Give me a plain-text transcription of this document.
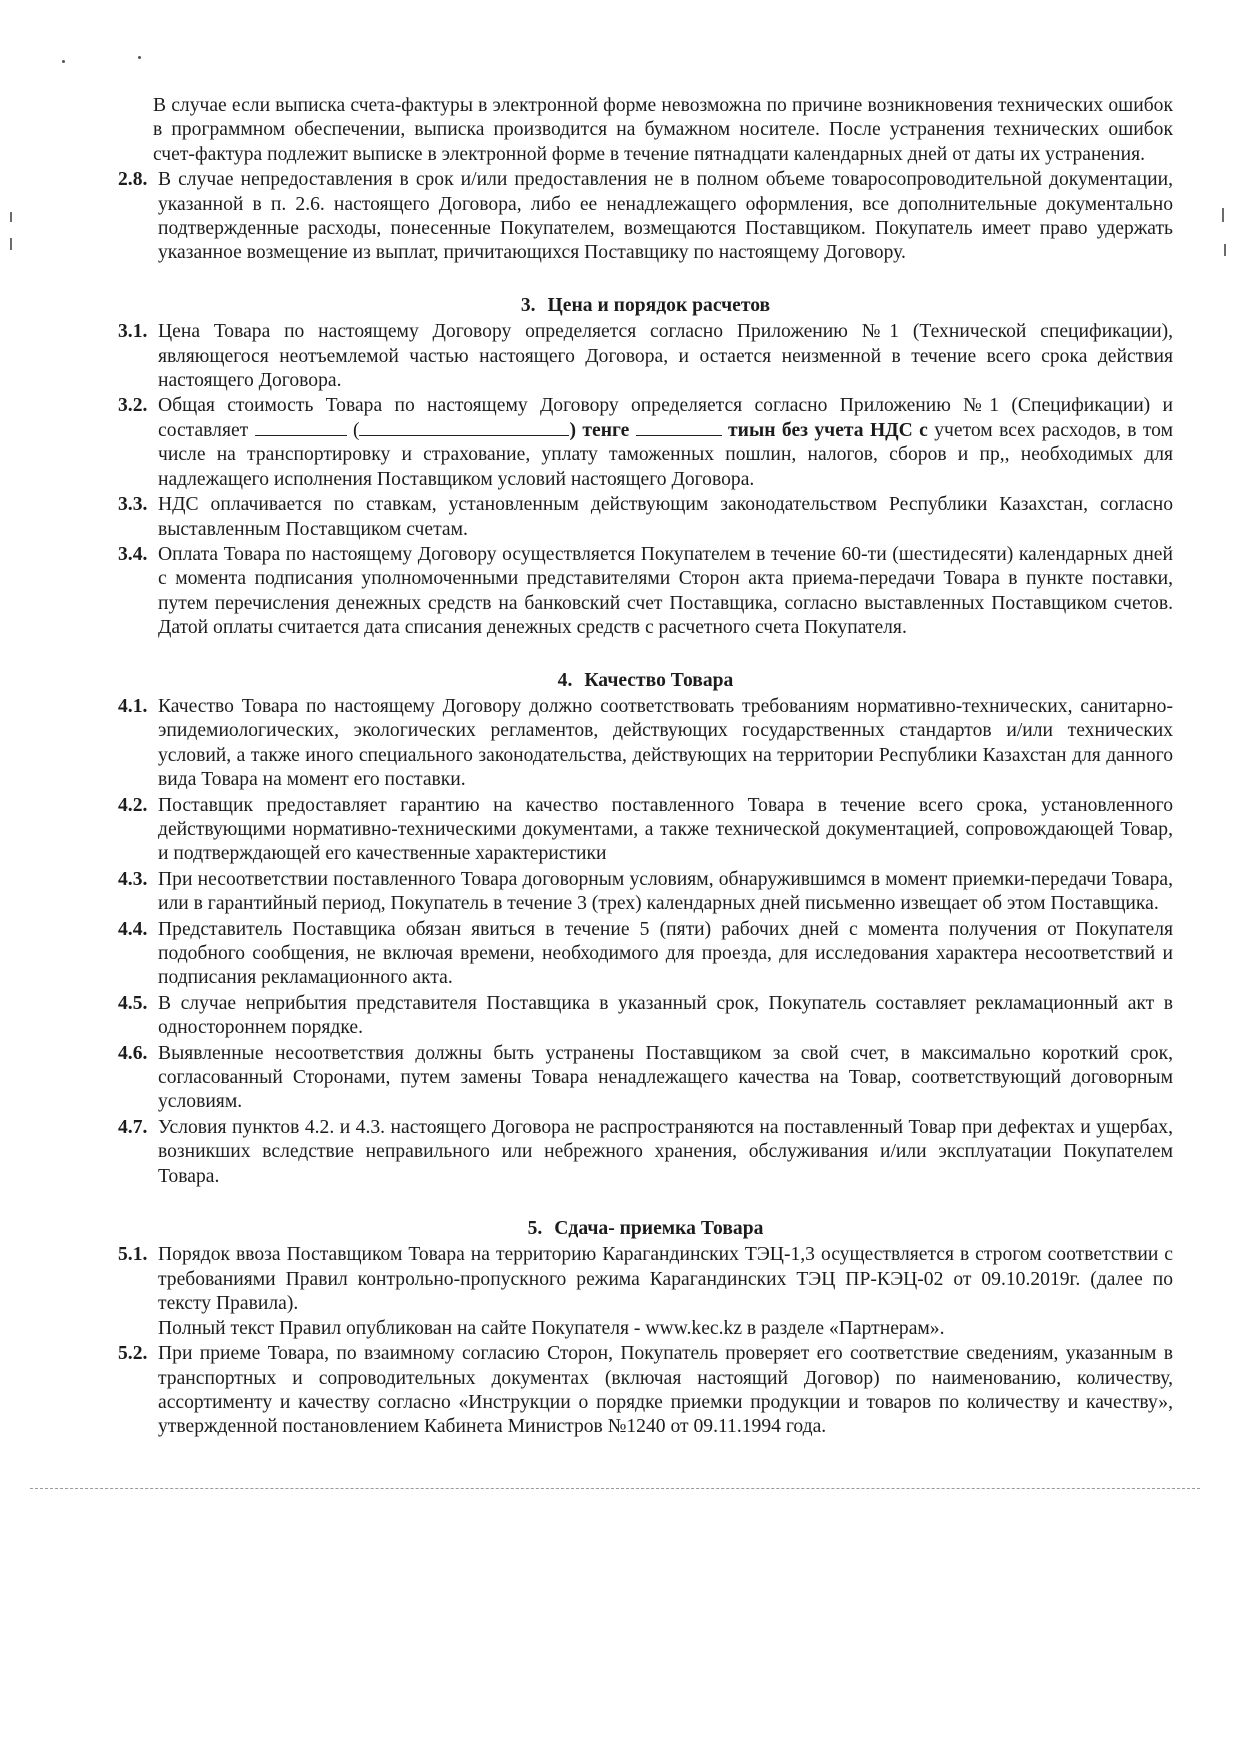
В случае если выписка счета-фактуры в электронной форме невозможна по причине возникновения технических ошибок в программном обеспечении, выписка производится на бумажном носителе. После устранения технических ошибок счет-фактура подлежит выписке в электронной форме в течение пятнадцати календарных дней от даты их устранения.
2.8. В случае непредоставления в срок и/или предоставления не в полном объеме товаросопроводительной документации, указанной в п. 2.6. настоящего Договора, либо ее ненадлежащего оформления, все дополнительные документально подтвержденные расходы, понесенные Покупателем, возмещаются Поставщиком. Покупатель имеет право удержать указанное возмещение из выплат, причитающихся Поставщику по настоящему Договору.
3. Цена и порядок расчетов
3.1. Цена Товара по настоящему Договору определяется согласно Приложению №1 (Технической спецификации), являющегося неотъемлемой частью настоящего Договора, и остается неизменной в течение всего срока действия настоящего Договора.
3.2. Общая стоимость Товара по настоящему Договору определяется согласно Приложению №1 (Спецификации) и составляет	(	) тенге	тиын без учета НДС с учетом всех расходов, в том числе на транспортировку и страхование, уплату таможенных пошлин, налогов, сборов и пр,, необходимых для надлежащего исполнения Поставщиком условий настоящего Договора.
3.3. НДС оплачивается по ставкам, установленным действующим законодательством Республики Казахстан, согласно выставленным Поставщиком счетам.
3.4. Оплата Товара по настоящему Договору осуществляется Покупателем в течение 60-ти (шестидесяти) календарных дней с момента подписания уполномоченными представителями Сторон акта приема-передачи Товара в пункте поставки, путем перечисления денежных средств на банковский счет Поставщика, согласно выставленных Поставщиком счетов. Датой оплаты считается дата списания денежных средств с расчетного счета Покупателя.
4. Качество Товара
4.1. Качество Товара по настоящему Договору должно соответствовать требованиям нормативно-технических, санитарно-эпидемиологических, экологических регламентов, действующих государственных стандартов и/или технических условий, а также иного специального законодательства, действующих на территории Республики Казахстан для данного вида Товара на момент его поставки.
4.2. Поставщик предоставляет гарантию на качество поставленного Товара в течение всего срока, установленного действующими нормативно-техническими документами, а также технической документацией, сопровождающей Товар, и подтверждающей его качественные характеристики
4.3. При несоответствии поставленного Товара договорным условиям, обнаружившимся в момент приемки-передачи Товара, или в гарантийный период, Покупатель в течение 3 (трех) календарных дней письменно извещает об этом Поставщика.
4.4. Представитель Поставщика обязан явиться в течение 5 (пяти) рабочих дней с момента получения от Покупателя подобного сообщения, не включая времени, необходимого для проезда, для исследования характера несоответствий и подписания рекламационного акта.
4.5. В случае неприбытия представителя Поставщика в указанный срок, Покупатель составляет рекламационный акт в одностороннем порядке.
4.6. Выявленные несоответствия должны быть устранены Поставщиком за свой счет, в максимально короткий срок, согласованный Сторонами, путем замены Товара ненадлежащего качества на Товар, соответствующий договорным условиям.
4.7. Условия пунктов 4.2. и 4.3. настоящего Договора не распространяются на поставленный Товар при дефектах и ущербах, возникших вследствие неправильного или небрежного хранения, обслуживания и/или эксплуатации Покупателем Товара.
5. Сдача- приемка Товара
5.1. Порядок ввоза Поставщиком Товара на территорию Карагандинских ТЭЦ-1,3 осуществляется в строгом соответствии с требованиями Правил контрольно-пропускного режима Карагандинских ТЭЦ ПР-КЭЦ-02 от 09.10.2019г. (далее по тексту Правила).
Полный текст Правил опубликован на сайте Покупателя - www.kec.kz в разделе «Партнерам».
5.2. При приеме Товара, по взаимному согласию Сторон, Покупатель проверяет его соответствие сведениям, указанным в транспортных и сопроводительных документах (включая настоящий Договор) по наименованию, количеству, ассортименту и качеству согласно «Инструкции о порядке приемки продукции и товаров по количеству и качеству», утвержденной постановлением Кабинета Министров №1240 от 09.11.1994 года.
